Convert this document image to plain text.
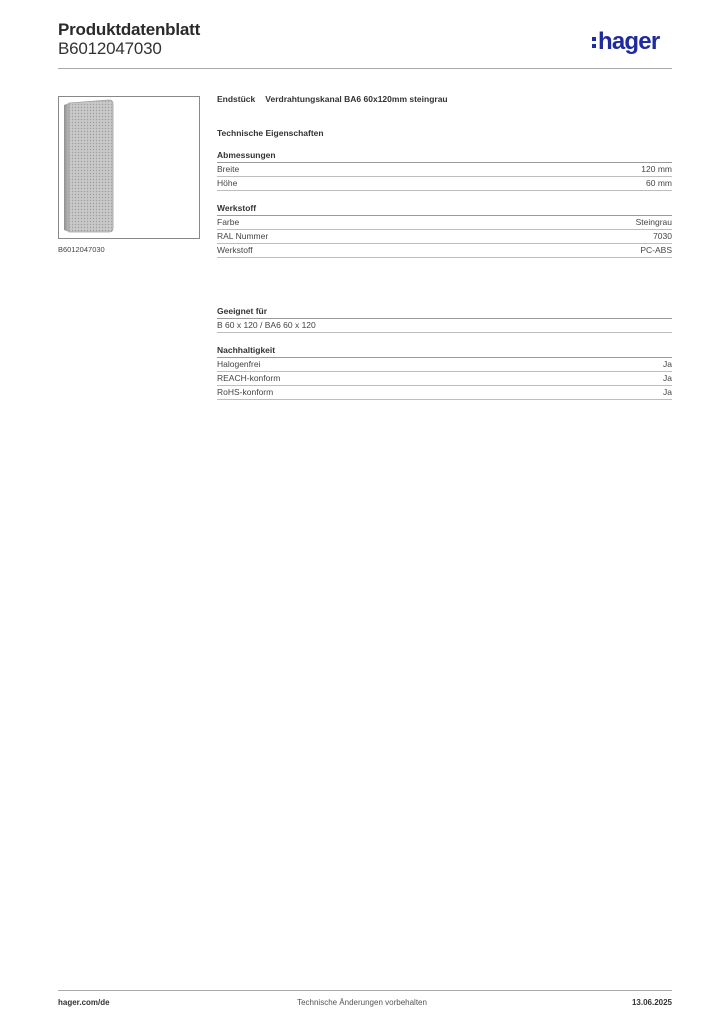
Produktdatenblatt
B6012047030	hager
B6012047030
Endstück Verdrahtungskanal BA6 60x120mm steingrau
Technische Eigenschaften
Abmessungen
Breite	120 mm
Höhe	60 mm
Werkstoff
Farbe	Steingrau
RAL Nummer	7030
Werkstoff	PC-ABS
Geeignet für
B 60 x 120 / BA6 60 x 120
Nachhaltigkeit
Halogenfrei	Ja
REACH-konform	Ja
RoHS-konform	Ja
hager.com/de	Technische Änderungen vorbehalten	13.06.2025
